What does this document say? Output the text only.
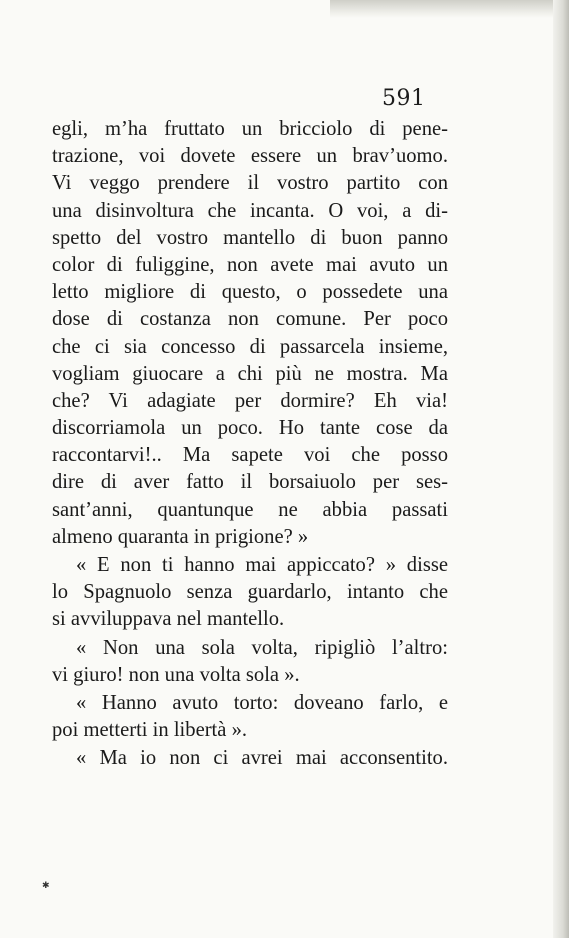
591
egli, m’ha fruttato un bricciolo di pene-
trazione, voi dovete essere un brav’uomo.
Vi veggo prendere il vostro partito con
una disinvoltura che incanta. O voi, a di-
spetto del vostro mantello di buon panno
color di fuliggine, non avete mai avuto un
letto migliore di questo, o possedete una
dose di costanza non comune. Per poco
che ci sia concesso di passarcela insieme,
vogliam giuocare a chi più ne mostra. Ma
che? Vi adagiate per dormire? Eh via!
discorriamola un poco. Ho tante cose da
raccontarvi!.. Ma sapete voi che posso
dire di aver fatto il borsaiuolo per ses-
sant’anni, quantunque ne abbia passati
almeno quaranta in prigione? »
« E non ti hanno mai appiccato? » disse
lo Spagnuolo senza guardarlo, intanto che
si avviluppava nel mantello.
« Non una sola volta, ripigliò l’altro:
vi giuro! non una volta sola ».
« Hanno avuto torto: doveano farlo, e
poi metterti in libertà ».
« Ma io non ci avrei mai acconsentito.
✱
